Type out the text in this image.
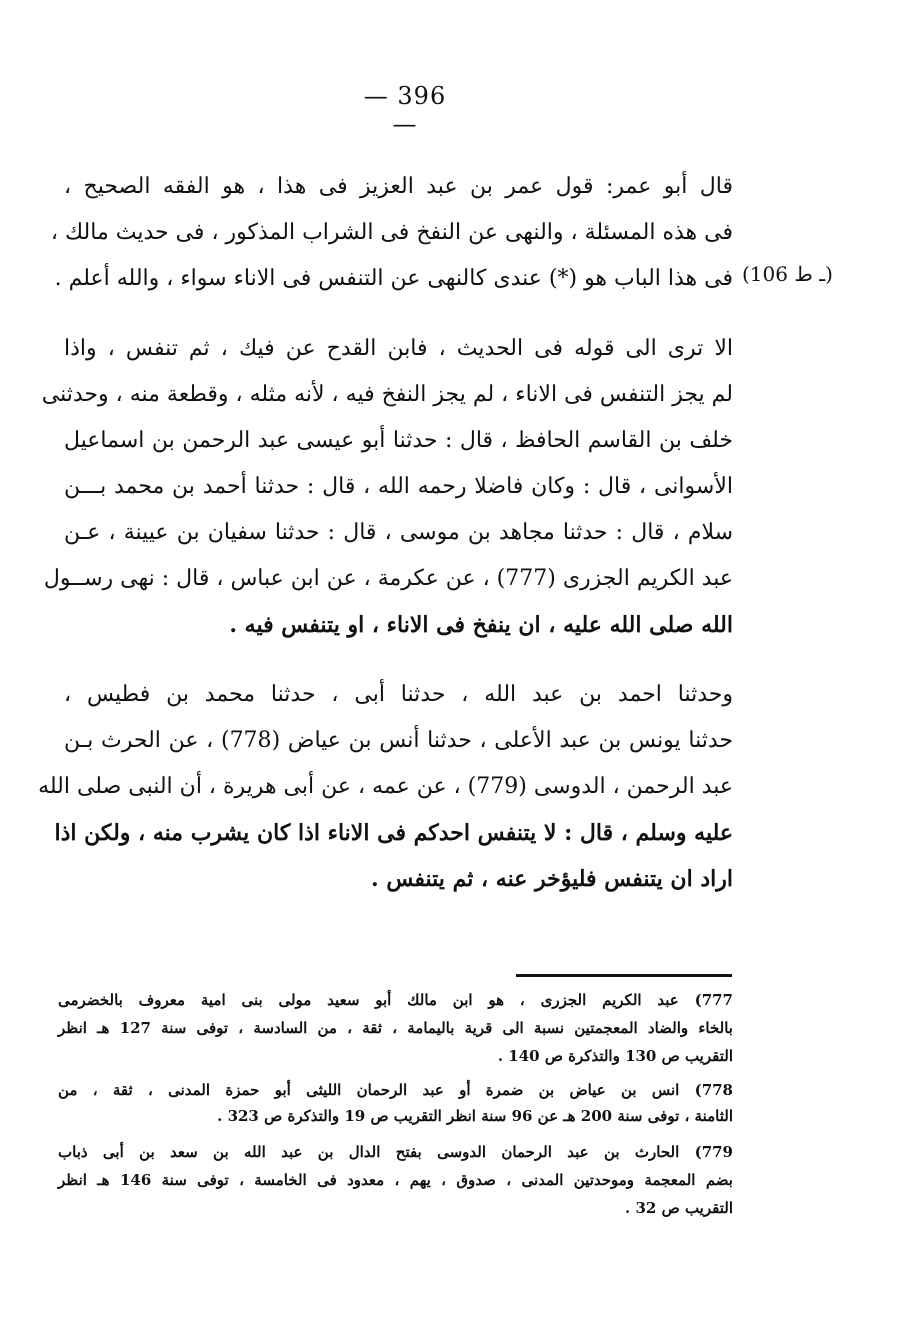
— 396 —
قال أبو عمر: قول عمر بن عبد العزيز فى هذا ، هو الفقه الصحيح ،
فى هذه المسئلة ، والنهى عن النفخ فى الشراب المذكور ، فى حديث مالك ،
فى هذا الباب هو (*) عندى كالنهى عن التنفس فى الاناء سواء ، والله أعلم . (106 ـ ط)
الا ترى الى قوله فى الحديث ، فابن القدح عن فيك ، ثم تنفس ، واذا
لم يجز التنفس فى الاناء ، لم يجز النفخ فيه ، لأنه مثله ، وقطعة منه ، وحدثنى
خلف بن القاسم الحافظ ، قال : حدثنا أبو عيسى عبد الرحمن بن اسماعيل
الأسوانى ، قال : وكان فاضلا رحمه الله ، قال : حدثنا أحمد بن محمد بـــن
سلام ، قال : حدثنا مجاهد بن موسى ، قال : حدثنا سفيان بن عيينة ، عـن
عبد الكريم الجزرى (777) ، عن عكرمة ، عن ابن عباس ، قال : نهى رســول
الله صلى الله عليه ، ان ينفخ فى الاناء ، او يتنفس فيه .
وحدثنا احمد بن عبد الله ، حدثنا أبى ، حدثنا محمد بن فطيس ،
حدثنا يونس بن عبد الأعلى ، حدثنا أنس بن عياض (778) ، عن الحرث بـن
عبد الرحمن ، الدوسى (779) ، عن عمه ، عن أبى هريرة ، أن النبى صلى الله
عليه وسلم ، قال : لا يتنفس احدكم فى الاناء اذا كان يشرب منه ، ولكن اذا
اراد ان يتنفس فليؤخر عنه ، ثم يتنفس .
777) عبد الكريم الجزرى ، هو ابن مالك أبو سعيد مولى بنى امية معروف بالخضرمى
بالخاء والضاد المعجمتين نسبة الى قرية باليمامة ، ثقة ، من السادسة ، توفى سنة 127 هـ انظر
التقريب ص 130 والتذكرة ص 140 .
778) انس بن عياض بن ضمرة أو عبد الرحمان الليثى أبو حمزة المدنى ، ثقة ، من
الثامنة ، توفى سنة 200 هـ عن 96 سنة انظر التقريب ص 19 والتذكرة ص 323 .
779) الحارث بن عبد الرحمان الدوسى بفتح الدال بن عبد الله بن سعد بن أبى ذباب
بضم المعجمة وموحدتين المدنى ، صدوق ، يهم ، معدود فى الخامسة ، توفى سنة 146 هـ انظر
التقريب ص 32 .
